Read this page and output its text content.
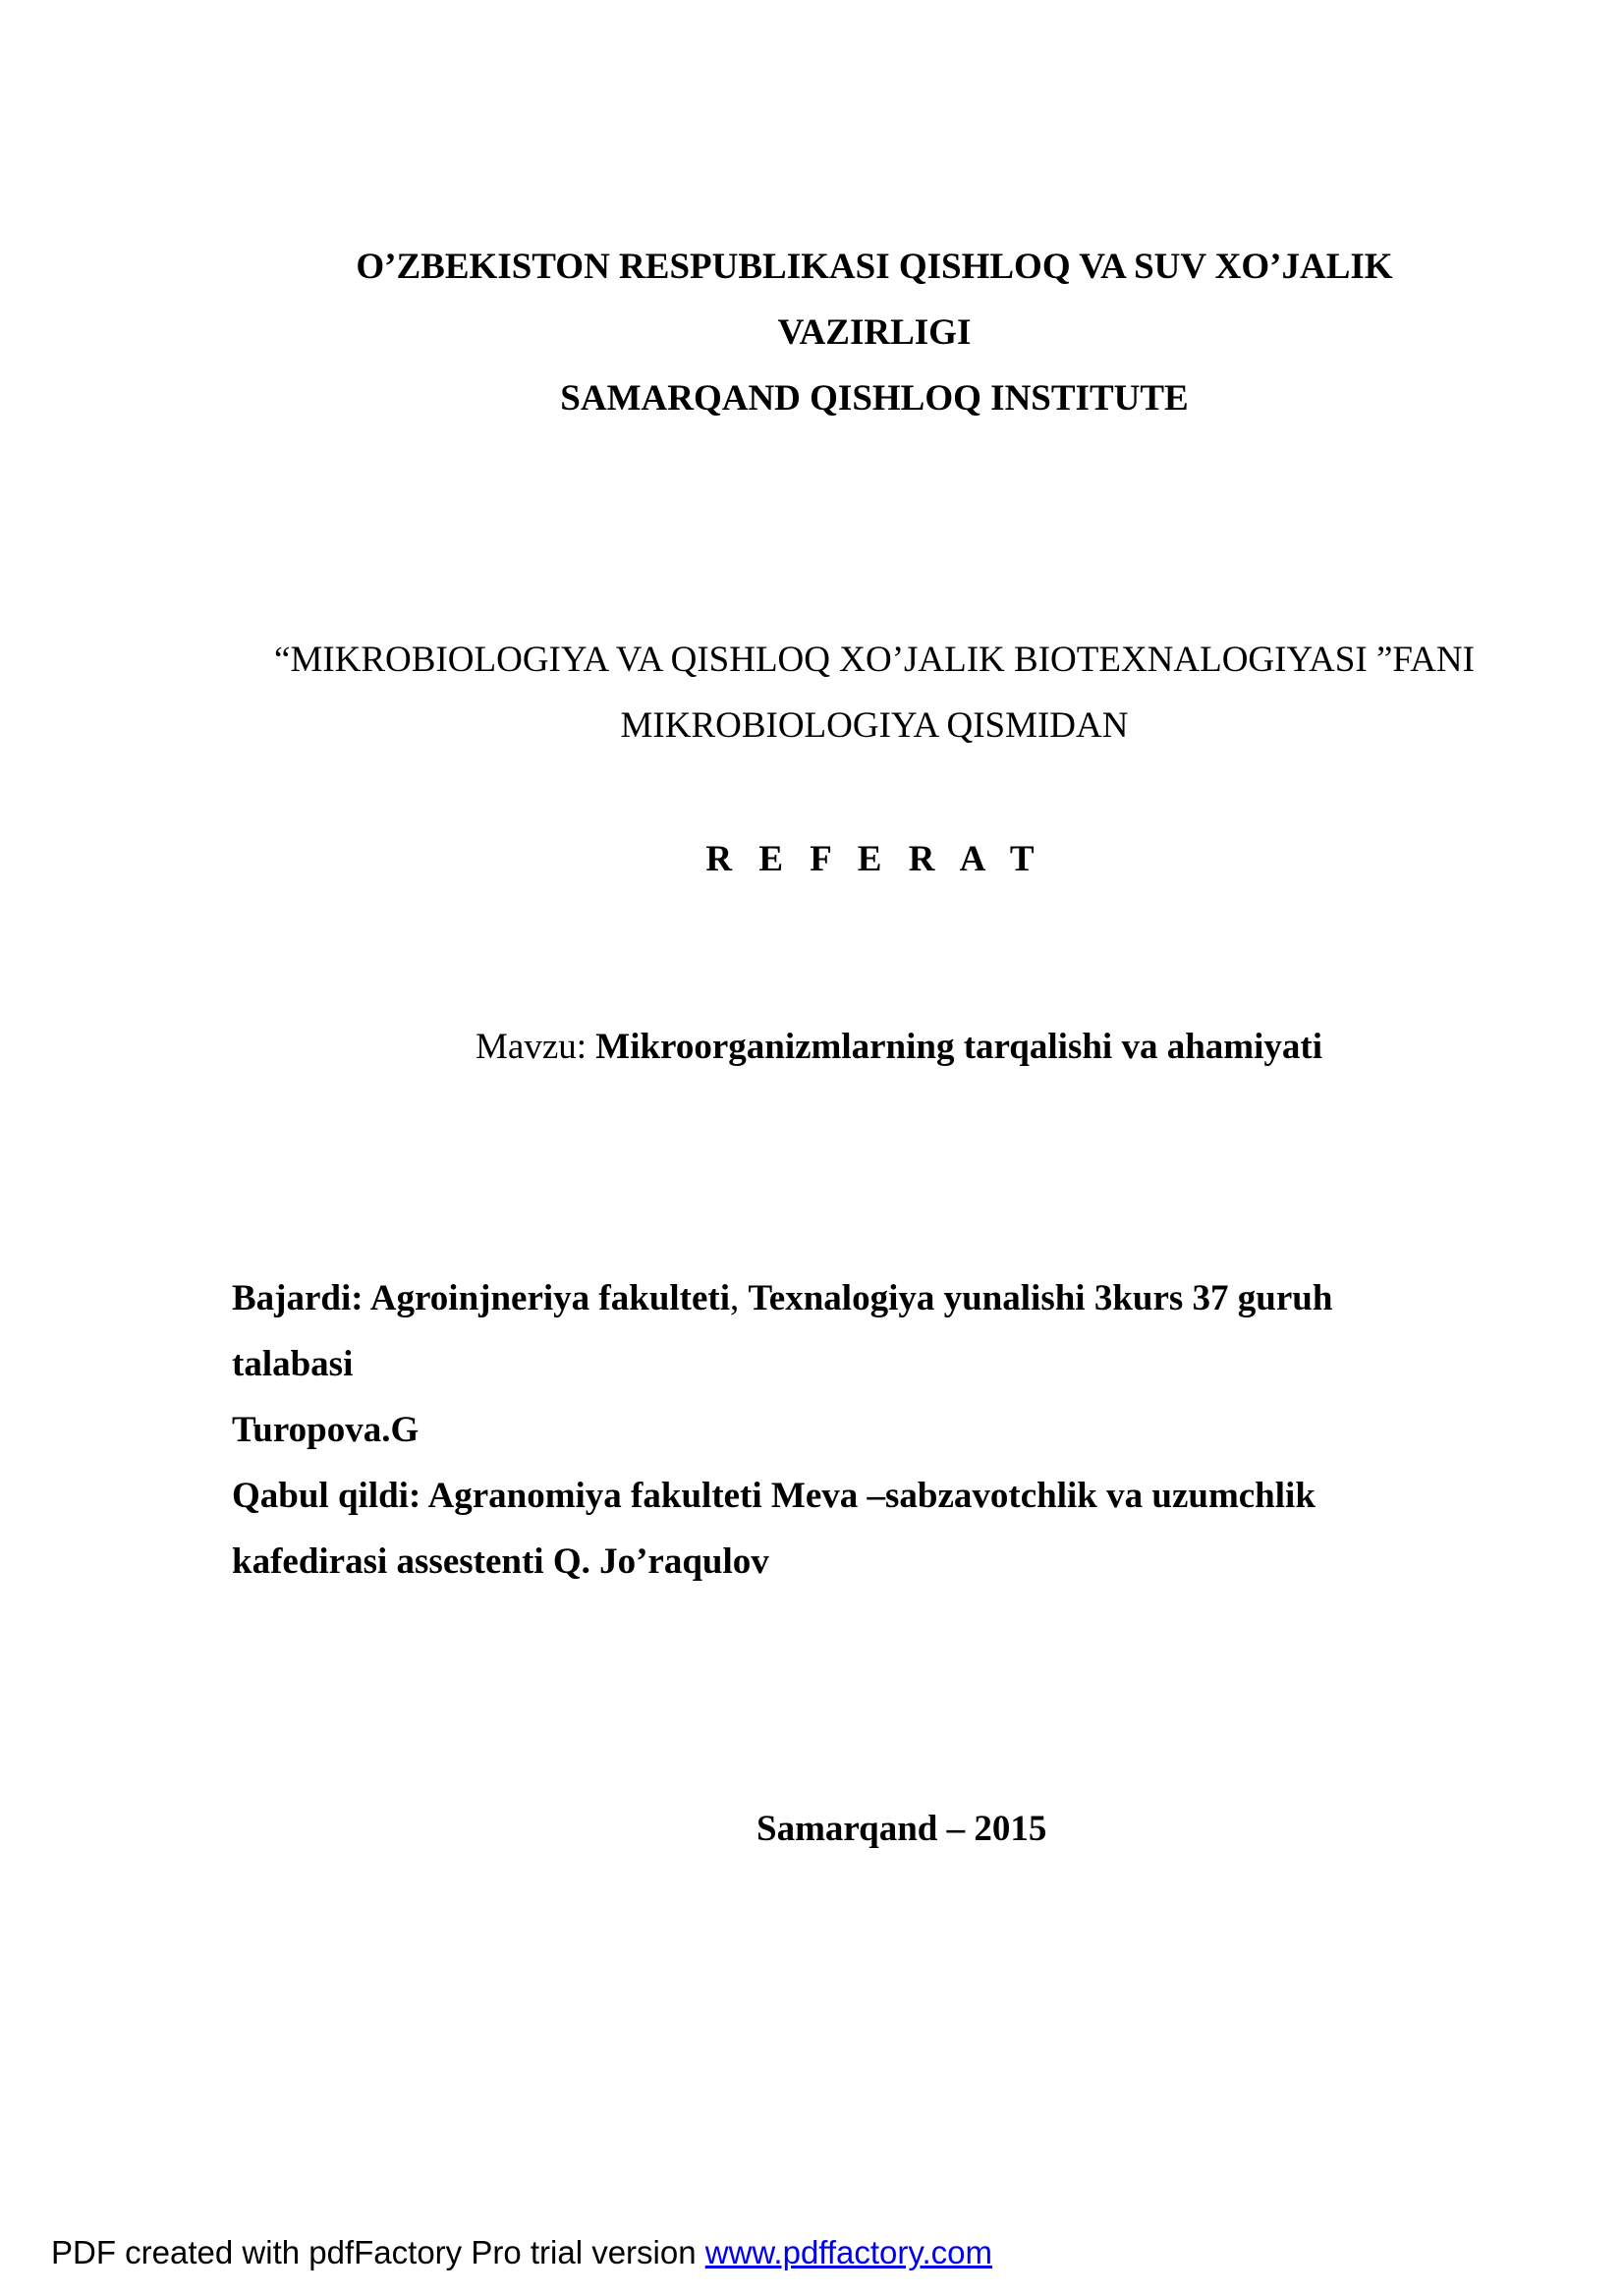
O’ZBEKISTON RESPUBLIKASI QISHLOQ VA SUV XO’JALIK
VAZIRLIGI
SAMARQAND QISHLOQ INSTITUTE
“MIKROBIOLOGIYA VA QISHLOQ XO’JALIK BIOTEXNALOGIYASI ”FANI
MIKROBIOLOGIYA QISMIDAN
R E F E R A T
Mavzu: Mikroorganizmlarning tarqalishi va ahamiyati
Bajardi: Agroinjneriya fakulteti, Texnalogiya yunalishi 3kurs 37 guruh
talabasi
Turopova.G
Qabul qildi: Agranomiya fakulteti Meva –sabzavotchlik va uzumchlik
kafedirasi assestenti Q. Jo’raqulov
Samarqand – 2015
PDF created with pdfFactory Pro trial version www.pdffactory.com
